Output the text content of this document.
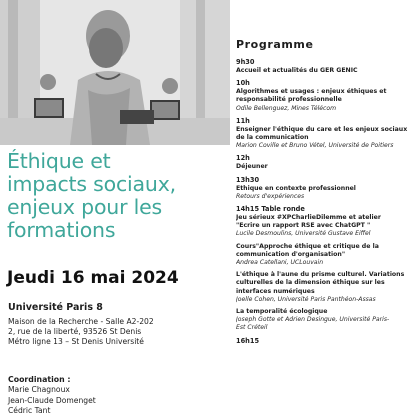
Éthique et
impacts sociaux,
enjeux pour les
formations
Jeudi 16 mai 2024
Université Paris 8
Maison de la Recherche - Salle A2-202
2, rue de la liberté, 93526 St Denis
Métro ligne 13 – St Denis Université
Coordination :
Marie Chagnoux
Jean-Claude Domenget
Cédric Tant
Programme
9h30
Accueil et actualités du GER GENIC
10h
Algorithmes et usages : enjeux éthiques et
responsabilité professionnelle
Odile Bellenguez, Mines Télécom
11h
Enseigner l'éthique du care et les enjeux sociaux
de la communication
Marion Coville et Bruno Vétel, Université de Poitiers
12h
Déjeuner
13h30
Ethique en contexte professionnel
Retours d'expériences
14h15 Table ronde
Jeu sérieux #XPCharlieDilemme et atelier
"Ecrire un rapport RSE avec ChatGPT "
Lucile Desmoulins, Université Gustave Eiffel
Cours"Approche éthique et critique de la
communication d'organisation"
Andrea Catellani, UCLouvain
L'éthique à l'aune du prisme culturel. Variations
culturelles de la dimension éthique sur les
interfaces numériques
Joelle Cohen, Université Paris Panthéon-Assas
La temporalité écologique
Joseph Gotte et Adrien Desingue, Université Paris-
Est Créteil
16h15
